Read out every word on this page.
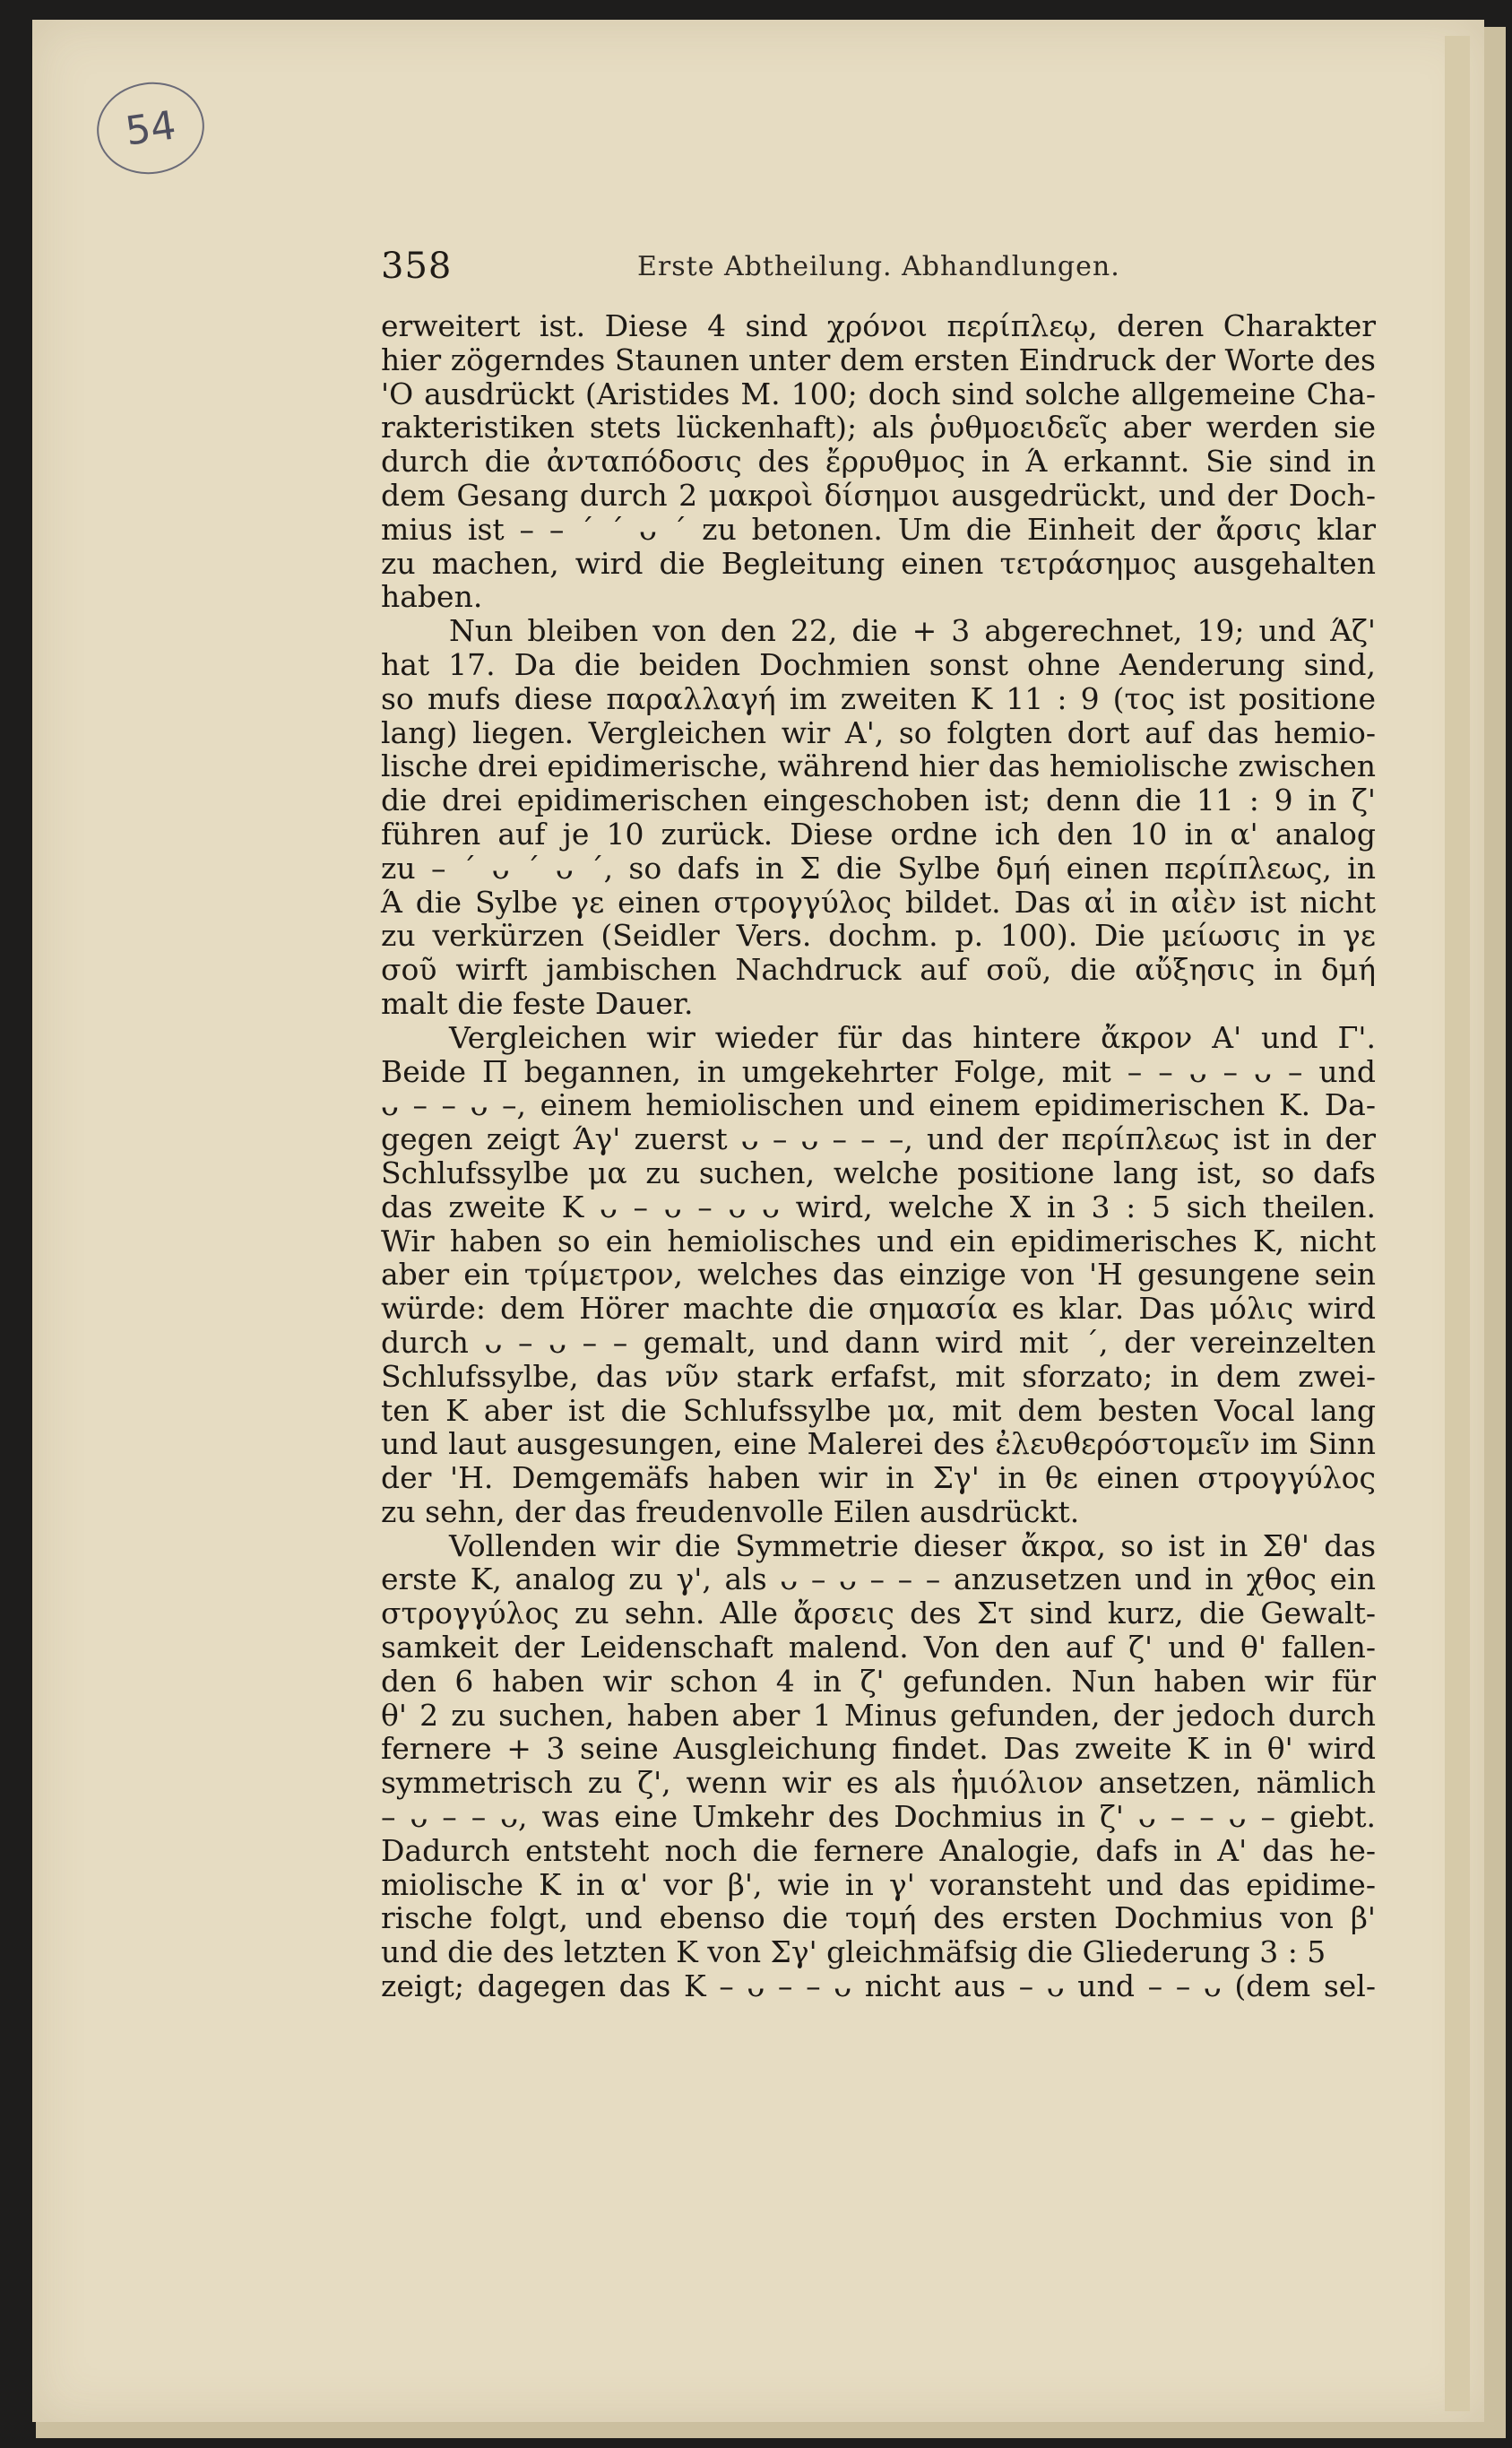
54
358	Erste Abtheilung. Abhandlungen.
erweitert ist. Diese 4 sind χρόνοι περίπλεῳ, deren Charakter
hier zögerndes Staunen unter dem ersten Eindruck der Worte des
'O ausdrückt (Aristides M. 100; doch sind solche allgemeine Cha-
rakteristiken stets lückenhaft); als ῥυθμοειδεῖς aber werden sie
durch die ἀνταπόδοσις des ἔρρυθμος in Ά erkannt. Sie sind in
dem Gesang durch 2 μακροὶ δίσημοι ausgedrückt, und der Doch-
mius ist – – ´ ´ ᴗ ´ zu betonen. Um die Einheit der ἄρσις klar
zu machen, wird die Begleitung einen τετράσημος ausgehalten
haben.
Nun bleiben von den 22, die + 3 abgerechnet, 19; und Άζ'
hat 17. Da die beiden Dochmien sonst ohne Aenderung sind,
so mufs diese παραλλαγή im zweiten K 11 : 9 (τος ist positione
lang) liegen. Vergleichen wir A', so folgten dort auf das hemio-
lische drei epidimerische, während hier das hemiolische zwischen
die drei epidimerischen eingeschoben ist; denn die 11 : 9 in ζ'
führen auf je 10 zurück. Diese ordne ich den 10 in α' analog
zu – ´ ᴗ ´ ᴗ ´, so dafs in Σ die Sylbe δμή einen περίπλεως, in
Ά die Sylbe γε einen στρογγύλος bildet. Das αἰ in αἰὲν ist nicht
zu verkürzen (Seidler Vers. dochm. p. 100). Die μείωσις in γε
σοῦ wirft jambischen Nachdruck auf σοῦ, die αὔξησις in δμή
malt die feste Dauer.
Vergleichen wir wieder für das hintere ἄκρον A' und Γ'.
Beide Π begannen, in umgekehrter Folge, mit – – ᴗ – ᴗ – und
ᴗ – – ᴗ –, einem hemiolischen und einem epidimerischen K. Da-
gegen zeigt Άγ' zuerst ᴗ – ᴗ – – –, und der περίπλεως ist in der
Schlufssylbe μα zu suchen, welche positione lang ist, so dafs
das zweite K ᴗ – ᴗ – ᴗ ᴗ wird, welche X in 3 : 5 sich theilen.
Wir haben so ein hemiolisches und ein epidimerisches K, nicht
aber ein τρίμετρον, welches das einzige von 'H gesungene sein
würde: dem Hörer machte die σημασία es klar. Das μόλις wird
durch ᴗ – ᴗ – – gemalt, und dann wird mit ´, der vereinzelten
Schlufssylbe, das νῦν stark erfafst, mit sforzato; in dem zwei-
ten K aber ist die Schlufssylbe μα, mit dem besten Vocal lang
und laut ausgesungen, eine Malerei des ἐλευθερόστομεῖν im Sinn
der 'H. Demgemäfs haben wir in Σγ' in θε einen στρογγύλος
zu sehn, der das freudenvolle Eilen ausdrückt.
Vollenden wir die Symmetrie dieser ἄκρα, so ist in Σθ' das
erste K, analog zu γ', als ᴗ – ᴗ – – – anzusetzen und in χθος ein
στρογγύλος zu sehn. Alle ἄρσεις des Στ sind kurz, die Gewalt-
samkeit der Leidenschaft malend. Von den auf ζ' und θ' fallen-
den 6 haben wir schon 4 in ζ' gefunden. Nun haben wir für
θ' 2 zu suchen, haben aber 1 Minus gefunden, der jedoch durch
fernere + 3 seine Ausgleichung findet. Das zweite K in θ' wird
symmetrisch zu ζ', wenn wir es als ἡμιόλιον ansetzen, nämlich
– ᴗ – – ᴗ, was eine Umkehr des Dochmius in ζ' ᴗ – – ᴗ – giebt.
Dadurch entsteht noch die fernere Analogie, dafs in A' das he-
miolische K in α' vor β', wie in γ' voransteht und das epidime-
rische folgt, und ebenso die τομή des ersten Dochmius von β'
und die des letzten K von Σγ' gleichmäfsig die Gliederung 3 : 5
zeigt; dagegen das K – ᴗ – – ᴗ nicht aus – ᴗ und – – ᴗ (dem sel-
